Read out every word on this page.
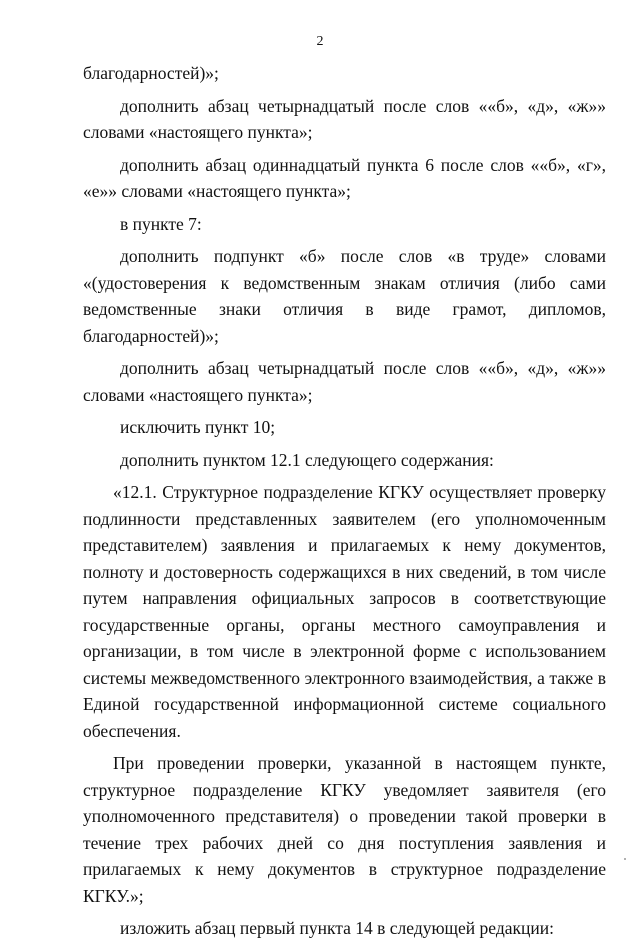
2

благодарностей)»;

дополнить абзац четырнадцатый после слов ««б», «д», «ж»» словами «настоящего пункта»;

дополнить абзац одиннадцатый пункта 6 после слов ««б», «г», «е»» словами «настоящего пункта»;

в пункте 7:

дополнить подпункт «б» после слов «в труде» словами «(удостоверения к ведомственным знакам отличия (либо сами ведомственные знаки отличия в виде грамот, дипломов, благодарностей)»;

дополнить абзац четырнадцатый после слов ««б», «д», «ж»» словами «настоящего пункта»;

исключить пункт 10;

дополнить пунктом 12.1 следующего содержания:

«12.1. Структурное подразделение КГКУ осуществляет проверку подлинности представленных заявителем (его уполномоченным представителем) заявления и прилагаемых к нему документов, полноту и достоверность содержащихся в них сведений, в том числе путем направления официальных запросов в соответствующие государственные органы, органы местного самоуправления и организации, в том числе в электронной форме с использованием системы межведомственного электронного взаимодействия, а также в Единой государственной информационной системе социального обеспечения.

При проведении проверки, указанной в настоящем пункте, структурное подразделение КГКУ уведомляет заявителя (его уполномоченного представителя) о проведении такой проверки в течение трех рабочих дней со дня поступления заявления и прилагаемых к нему документов в структурное подразделение КГКУ.»;

изложить абзац первый пункта 14 в следующей редакции:
